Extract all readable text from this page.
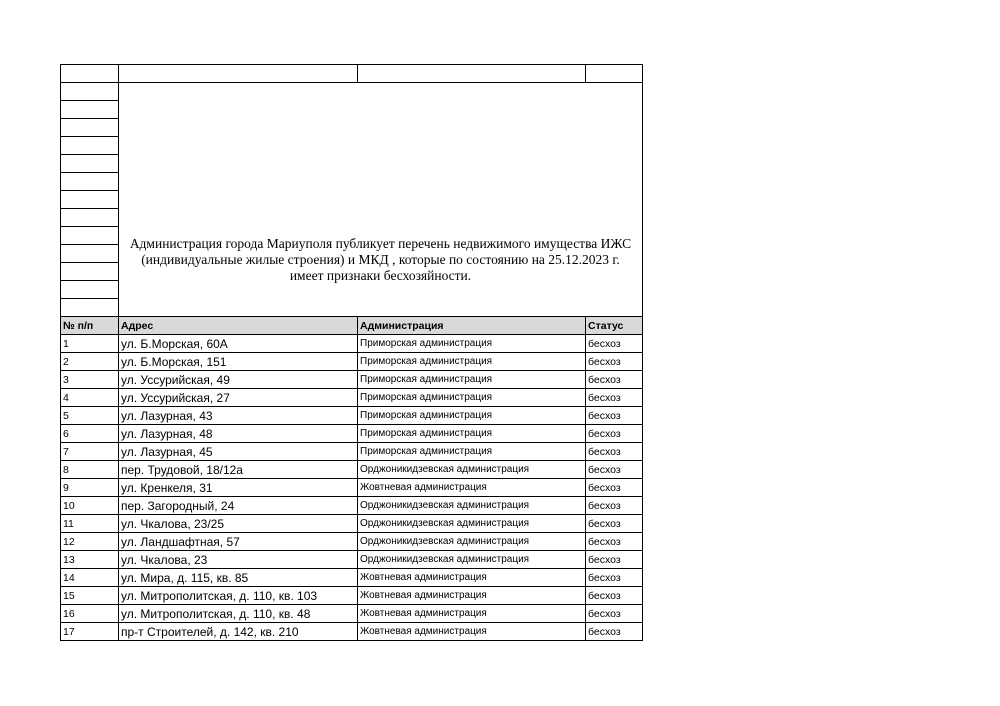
	Администрация города Мариуполя публикует перечень недвижимого имущества ИЖС (индивидуальные жилые строения) и МКД , которые по состоянию на 25.12.2023 г. имеет признаки бесхозяйности.		

№ п/п	Адрес	Администрация	Статус
1	ул. Б.Морская, 60А	Приморская администрация	бесхоз
2	ул. Б.Морская, 151	Приморская администрация	бесхоз
3	ул. Уссурийская, 49	Приморская администрация	бесхоз
4	ул. Уссурийская, 27	Приморская администрация	бесхоз
5	ул. Лазурная, 43	Приморская администрация	бесхоз
6	ул. Лазурная, 48	Приморская администрация	бесхоз
7	ул. Лазурная, 45	Приморская администрация	бесхоз
8	пер. Трудовой, 18/12а	Орджоникидзевская администрация	бесхоз
9	ул. Кренкеля, 31	Жовтневая администрация	бесхоз
10	пер. Загородный, 24	Орджоникидзевская администрация	бесхоз
11	ул. Чкалова, 23/25	Орджоникидзевская администрация	бесхоз
12	ул. Ландшафтная, 57	Орджоникидзевская администрация	бесхоз
13	ул. Чкалова, 23	Орджоникидзевская администрация	бесхоз
14	ул. Мира, д. 115, кв. 85	Жовтневая администрация	бесхоз
15	ул. Митрополитская, д. 110, кв. 103	Жовтневая администрация	бесхоз
16	ул. Митрополитская, д. 110, кв. 48	Жовтневая администрация	бесхоз
17	пр-т Строителей, д. 142, кв. 210	Жовтневая администрация	бесхоз
